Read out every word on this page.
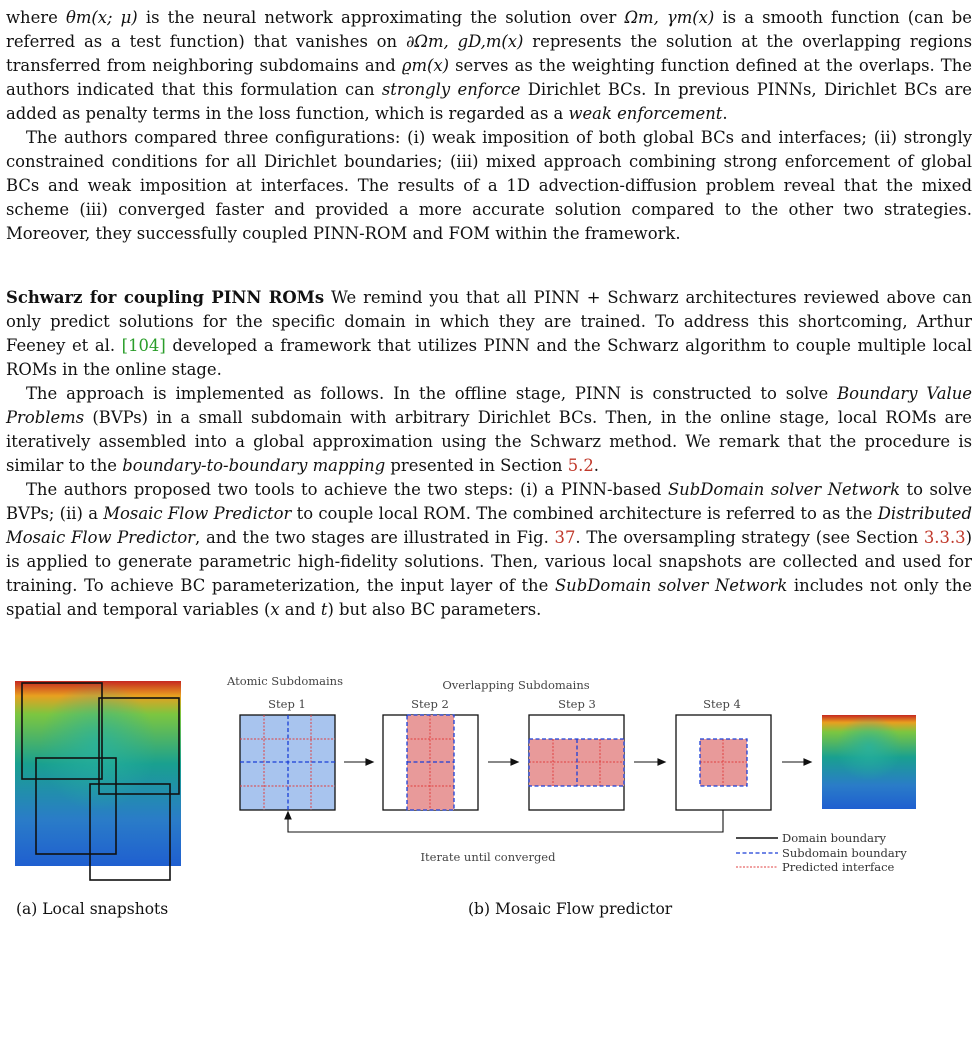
where θm(x; μ) is the neural network approximating the solution over Ωm, γm(x) is a smooth function (can be referred as a test function) that vanishes on ∂Ωm, gD,m(x) represents the solution at the overlapping regions transferred from neighboring subdomains and ϱm(x) serves as the weighting function defined at the overlaps. The authors indicated that this formulation can strongly enforce Dirichlet BCs. In previous PINNs, Dirichlet BCs are added as penalty terms in the loss function, which is regarded as a weak enforcement.

The authors compared three configurations: (i) weak imposition of both global BCs and interfaces; (ii) strongly constrained conditions for all Dirichlet boundaries; (iii) mixed approach combining strong enforcement of global BCs and weak imposition at interfaces. The results of a 1D advection-diffusion problem reveal that the mixed scheme (iii) converged faster and provided a more accurate solution compared to the other two strategies. Moreover, they successfully coupled PINN-ROM and FOM within the framework.

Schwarz for coupling PINN ROMs We remind you that all PINN + Schwarz architectures reviewed above can only predict solutions for the specific domain in which they are trained. To address this shortcoming, Arthur Feeney et al. [104] developed a framework that utilizes PINN and the Schwarz algorithm to couple multiple local ROMs in the online stage.

The approach is implemented as follows. In the offline stage, PINN is constructed to solve Boundary Value Problems (BVPs) in a small subdomain with arbitrary Dirichlet BCs. Then, in the online stage, local ROMs are iteratively assembled into a global approximation using the Schwarz method. We remark that the procedure is similar to the boundary-to-boundary mapping presented in Section 5.2.

The authors proposed two tools to achieve the two steps: (i) a PINN-based SubDomain solver Network to solve BVPs; (ii) a Mosaic Flow Predictor to couple local ROM. The combined architecture is referred to as the Distributed Mosaic Flow Predictor, and the two stages are illustrated in Fig. 37. The oversampling strategy (see Section 3.3.3) is applied to generate parametric high-fidelity solutions. Then, various local snapshots are collected and used for training. To achieve BC parameterization, the input layer of the SubDomain solver Network includes not only the spatial and temporal variables (x and t) but also BC parameters.

Atomic Subdomains	Overlapping Subdomains
Step 1	Step 2	Step 3	Step 4
Iterate until converged
Domain boundary
Subdomain boundary
Predicted interface
(a) Local snapshots	(b) Mosaic Flow predictor
